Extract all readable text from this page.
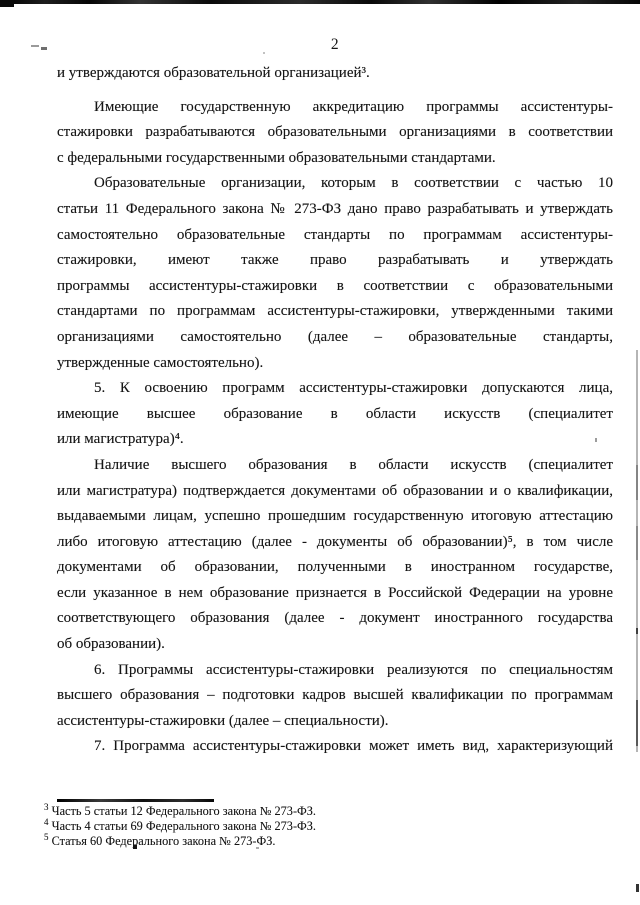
2
и утверждаются образовательной организацией³.
Имеющие государственную аккредитацию программы ассистентуры-
стажировки разрабатываются образовательными организациями в соответствии
с федеральными государственными образовательными стандартами.
Образовательные организации, которым в соответствии с частью 10
статьи 11 Федерального закона № 273-ФЗ дано право разрабатывать и утверждать
самостоятельно образовательные стандарты по программам ассистентуры-
стажировки, имеют также право разрабатывать и утверждать
программы ассистентуры-стажировки в соответствии с образовательными
стандартами по программам ассистентуры-стажировки, утвержденными такими
организациями самостоятельно (далее – образовательные стандарты,
утвержденные самостоятельно).
5. К освоению программ ассистентуры-стажировки допускаются лица,
имеющие высшее образование в области искусств (специалитет
или магистратура)⁴.
Наличие высшего образования в области искусств (специалитет
или магистратура) подтверждается документами об образовании и о квалификации,
выдаваемыми лицам, успешно прошедшим государственную итоговую аттестацию
либо итоговую аттестацию (далее - документы об образовании)⁵, в том числе
документами об образовании, полученными в иностранном государстве,
если указанное в нем образование признается в Российской Федерации на уровне
соответствующего образования (далее - документ иностранного государства
об образовании).
6. Программы ассистентуры-стажировки реализуются по специальностям
высшего образования – подготовки кадров высшей квалификации по программам
ассистентуры-стажировки (далее – специальности).
7. Программа ассистентуры-стажировки может иметь вид, характеризующий
$^3$ Часть 5 статьи 12 Федерального закона № 273-ФЗ.
$^4$ Часть 4 статьи 69 Федерального закона № 273-ФЗ.
$^5$ Статья 60 Федерального закона № 273-ФЗ.
